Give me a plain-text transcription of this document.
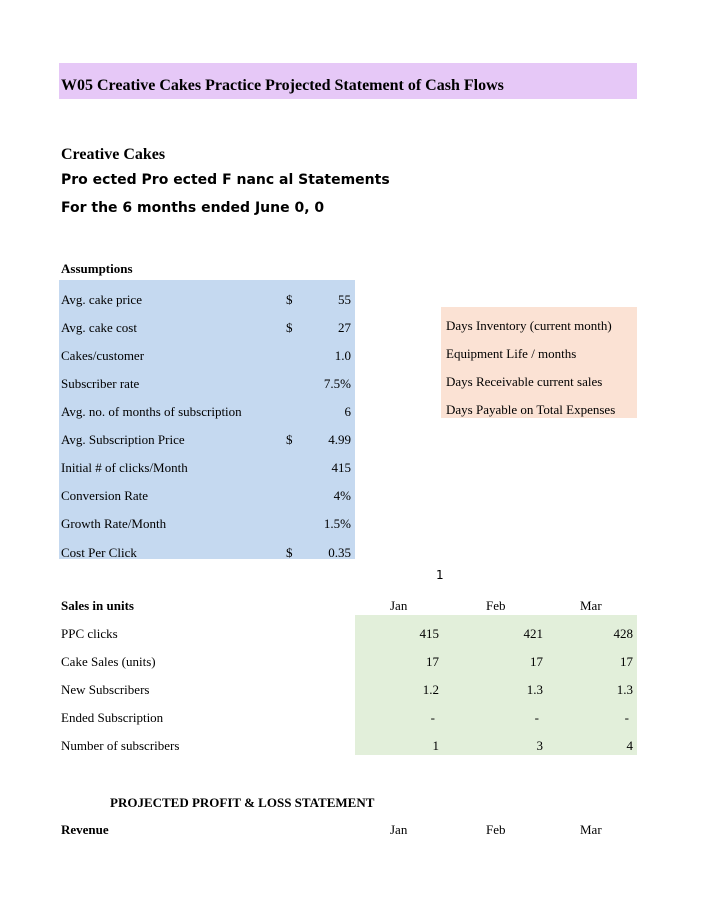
W05 Creative Cakes Practice Projected Statement of Cash Flows
Creative Cakes
Pro ected Pro ected F nanc al Statements
For the 6 months ended June 0, 0
Assumptions
Avg. cake price	$	55
Avg. cake cost	$	27
Cakes/customer	1.0
Subscriber rate	7.5%
Avg. no. of months of subscription	6
Avg. Subscription Price	$	4.99
Initial # of clicks/Month	415
Conversion Rate	4%
Growth Rate/Month	1.5%
Cost Per Click	$	0.35
Days Inventory (current month)
Equipment Life / months
Days Receivable current sales
Days Payable on Total Expenses
1
Sales in units	Jan	Feb	Mar
PPC clicks	415	421	428
Cake Sales (units)	17	17	17
New Subscribers	1.2	1.3	1.3
Ended Subscription	-	-	-
Number of subscribers	1	3	4
PROJECTED PROFIT & LOSS STATEMENT
Revenue	Jan	Feb	Mar
